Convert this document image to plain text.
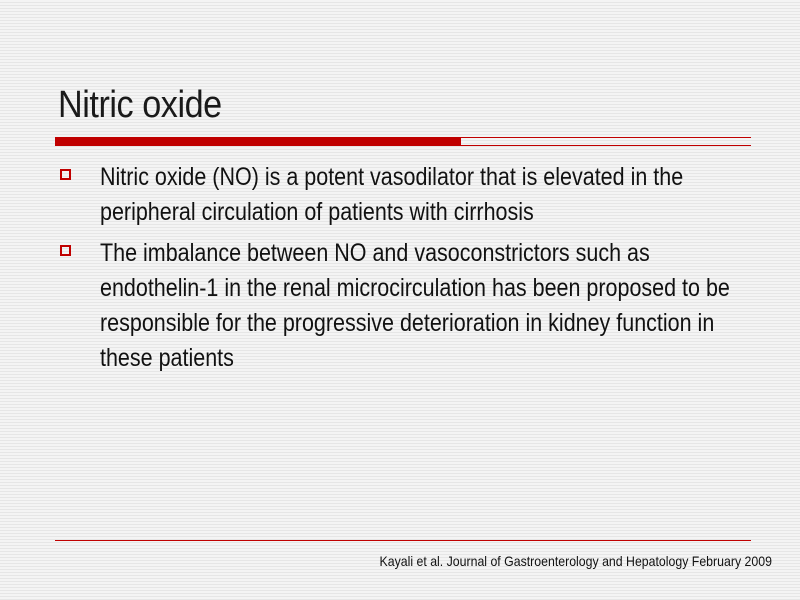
Nitric oxide
Nitric oxide (NO) is a potent vasodilator that is elevated in the peripheral circulation of patients with cirrhosis
The imbalance between NO and vasoconstrictors such as endothelin-1 in the renal microcirculation has been proposed to be responsible for the progressive deterioration in kidney function in these patients
Kayali et al. Journal of Gastroenterology and Hepatology February 2009
